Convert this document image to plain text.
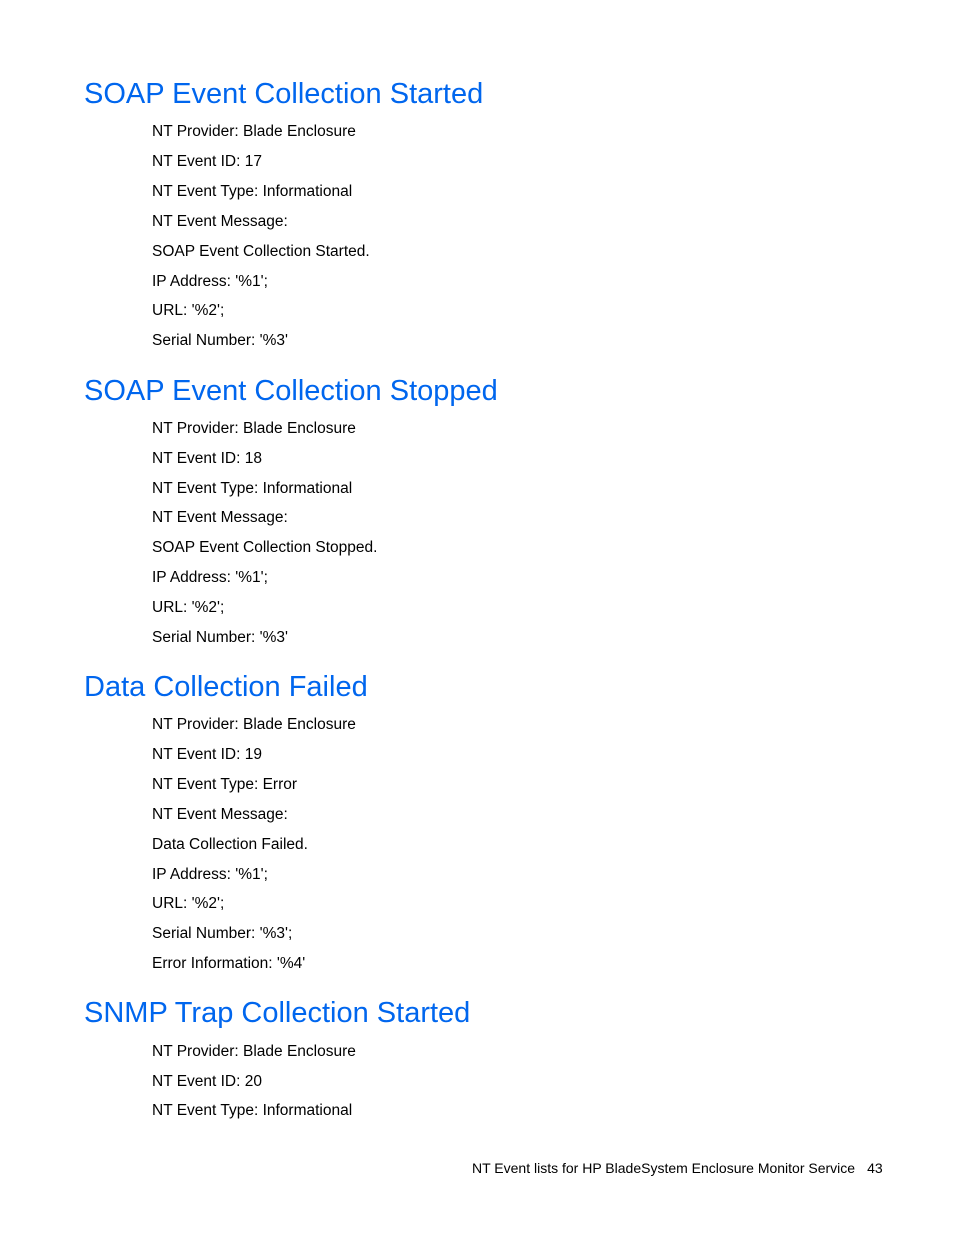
SOAP Event Collection Started

NT Provider: Blade Enclosure

NT Event ID: 17

NT Event Type: Informational

NT Event Message:

SOAP Event Collection Started.

IP Address: '%1';

URL: '%2';

Serial Number: '%3'

SOAP Event Collection Stopped

NT Provider: Blade Enclosure

NT Event ID: 18

NT Event Type: Informational

NT Event Message:

SOAP Event Collection Stopped.

IP Address: '%1';

URL: '%2';

Serial Number: '%3'

Data Collection Failed

NT Provider: Blade Enclosure

NT Event ID: 19

NT Event Type: Error

NT Event Message:

Data Collection Failed.

IP Address: '%1';

URL: '%2';

Serial Number: '%3';

Error Information: '%4'

SNMP Trap Collection Started

NT Provider: Blade Enclosure

NT Event ID: 20

NT Event Type: Informational

NT Event lists for HP BladeSystem Enclosure Monitor Service 43
